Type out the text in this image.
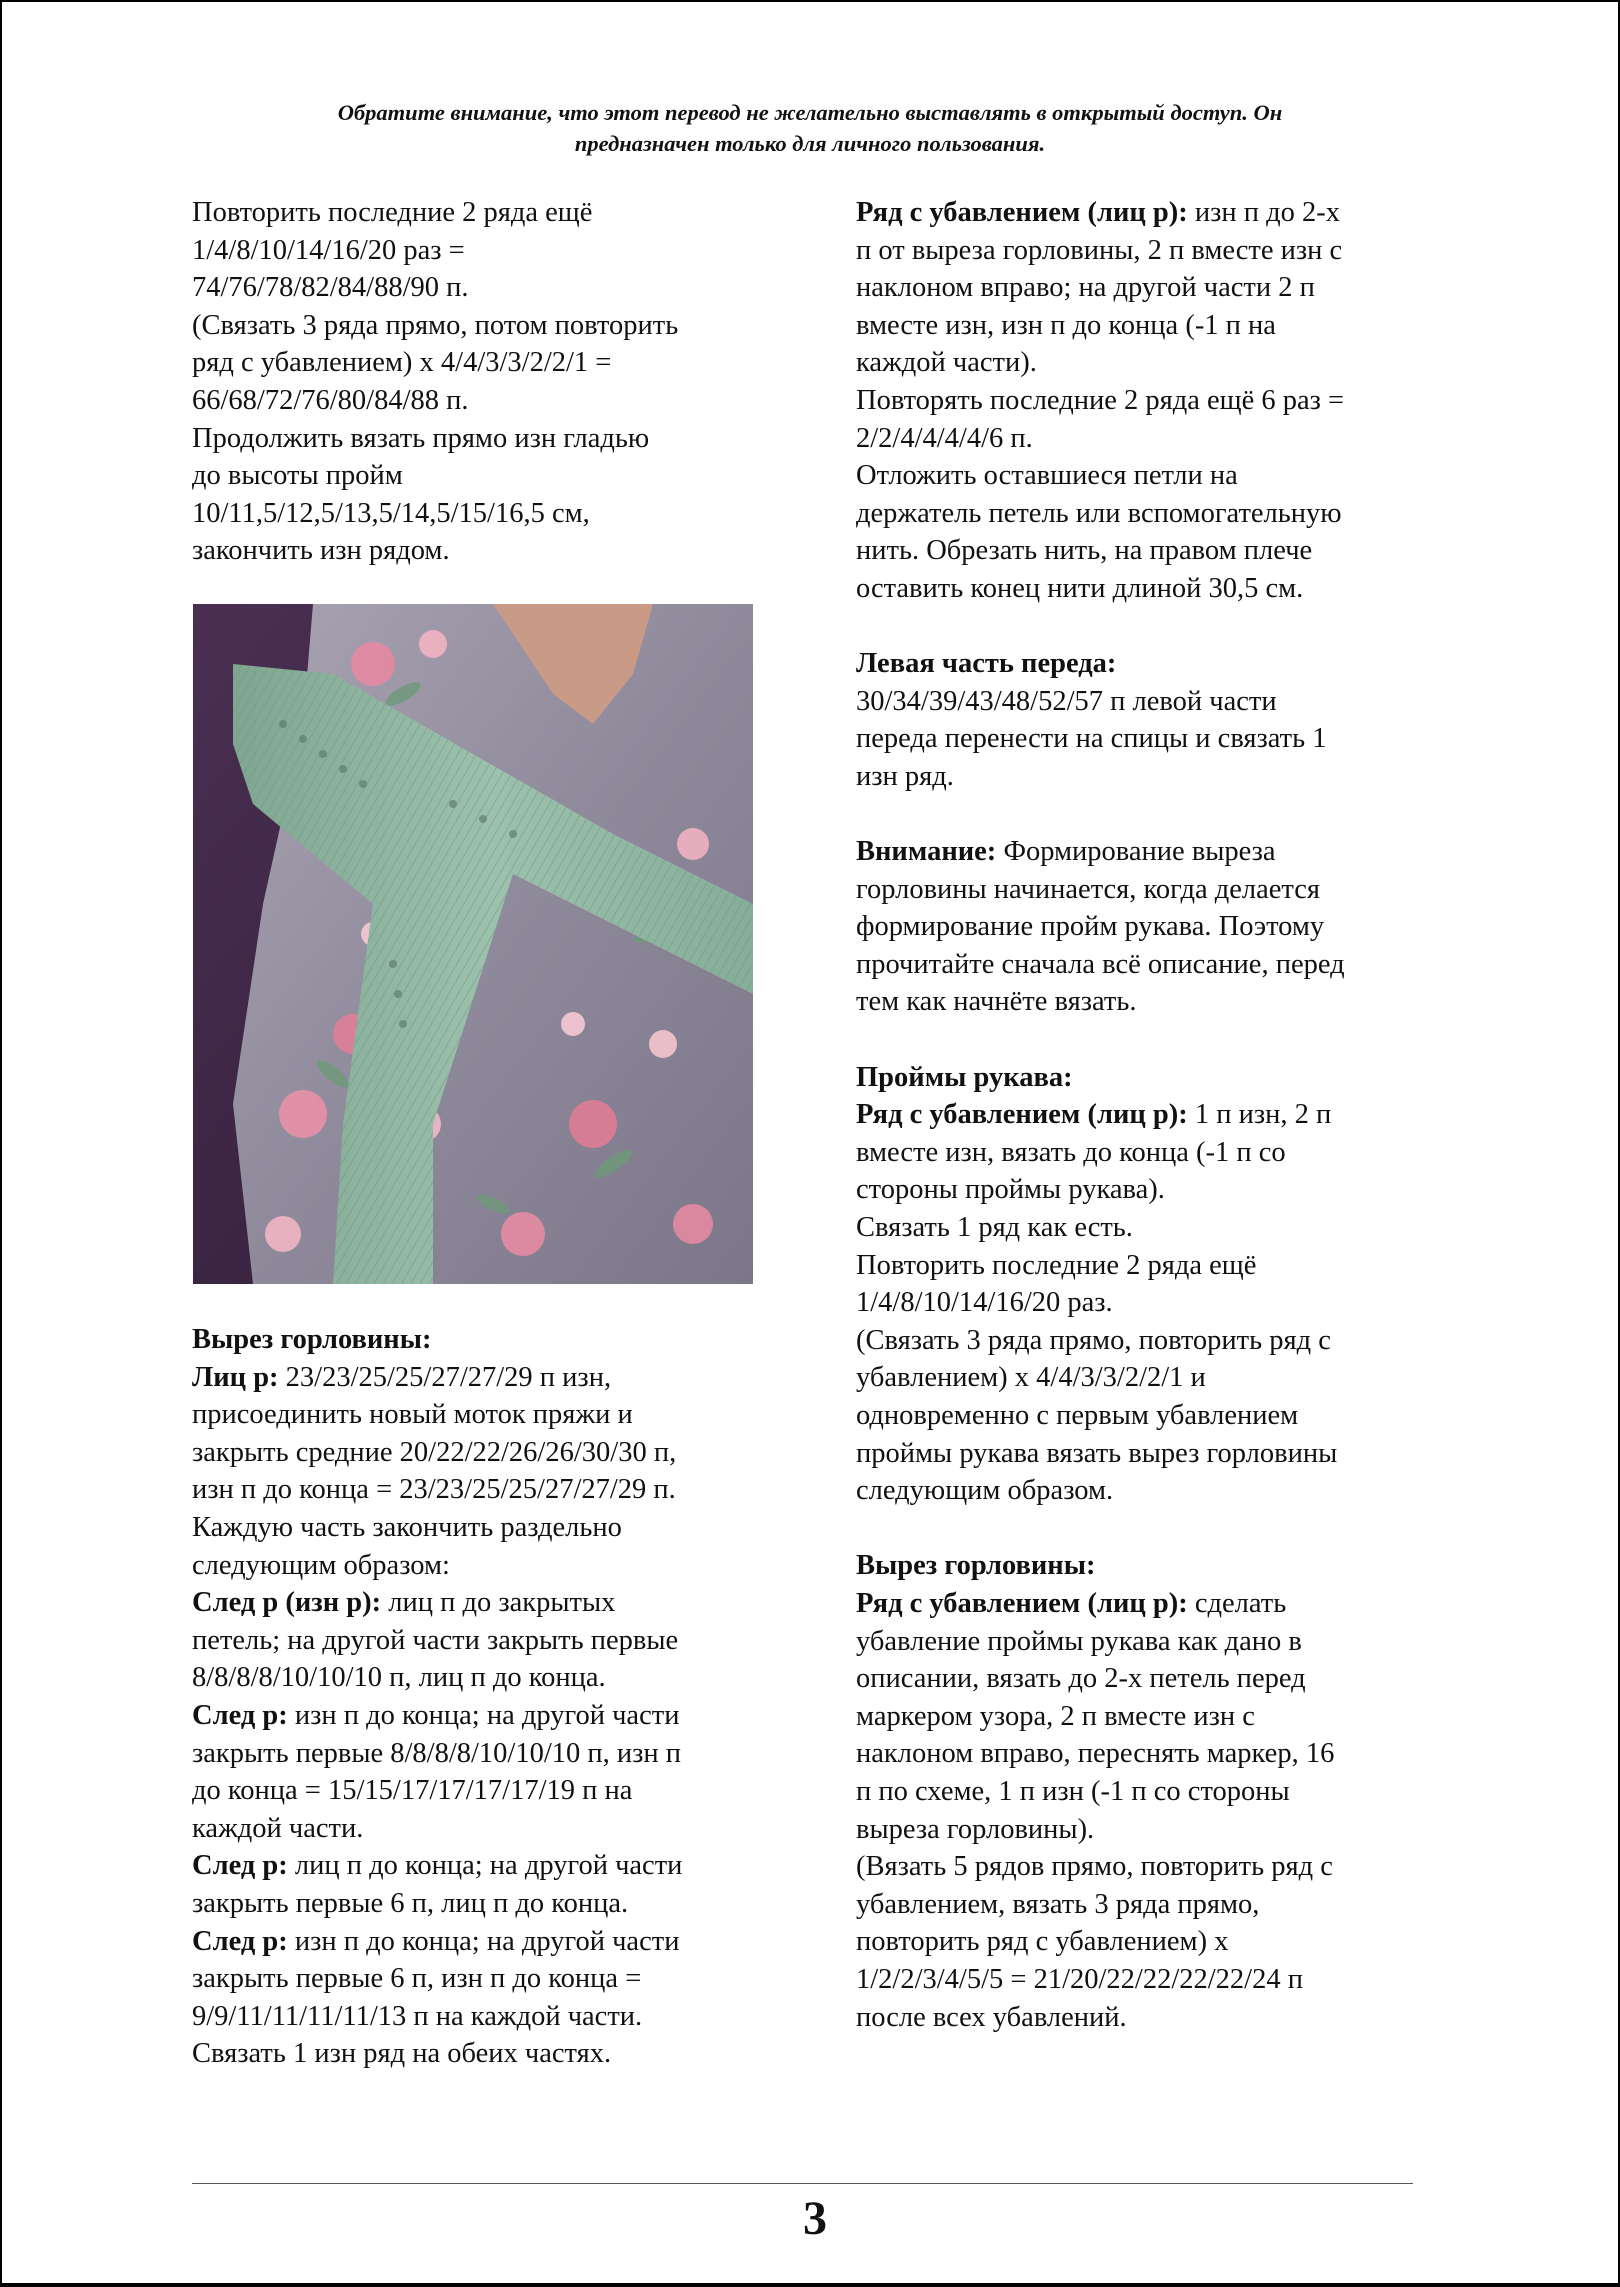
Обратите внимание, что этот перевод не желательно выставлять в открытый доступ. Он
предназначен только для личного пользования.
Повторить последние 2 ряда ещё
1/4/8/10/14/16/20 раз =
74/76/78/82/84/88/90 п.
(Связать 3 ряда прямо, потом повторить
ряд с убавлением) х 4/4/3/3/2/2/1 =
66/68/72/76/80/84/88 п.
Продолжить вязать прямо изн гладью
до высоты пройм
10/11,5/12,5/13,5/14,5/15/16,5 см,
закончить изн рядом.
Вырез горловины:
Лиц р: 23/23/25/25/27/27/29 п изн,
присоединить новый моток пряжи и
закрыть средние 20/22/22/26/26/30/30 п,
изн п до конца = 23/23/25/25/27/27/29 п.
Каждую часть закончить раздельно
следующим образом:
След р (изн р): лиц п до закрытых
петель; на другой части закрыть первые
8/8/8/8/10/10/10 п, лиц п до конца.
След р: изн п до конца; на другой части
закрыть первые 8/8/8/8/10/10/10 п, изн п
до конца = 15/15/17/17/17/17/19 п на
каждой части.
След р: лиц п до конца; на другой части
закрыть первые 6 п, лиц п до конца.
След р: изн п до конца; на другой части
закрыть первые 6 п, изн п до конца =
9/9/11/11/11/11/13 п на каждой части.
Связать 1 изн ряд на обеих частях.
Ряд с убавлением (лиц р): изн п до 2-х
п от выреза горловины, 2 п вместе изн с
наклоном вправо; на другой части 2 п
вместе изн, изн п до конца (-1 п на
каждой части).
Повторять последние 2 ряда ещё 6 раз =
2/2/4/4/4/4/6 п.
Отложить оставшиеся петли на
держатель петель или вспомогательную
нить. Обрезать нить, на правом плече
оставить конец нити длиной 30,5 см.
Левая часть переда:
30/34/39/43/48/52/57 п левой части
переда перенести на спицы и связать 1
изн ряд.
Внимание: Формирование выреза
горловины начинается, когда делается
формирование пройм рукава. Поэтому
прочитайте сначала всё описание, перед
тем как начнёте вязать.
Проймы рукава:
Ряд с убавлением (лиц р): 1 п изн, 2 п
вместе изн, вязать до конца (-1 п со
стороны проймы рукава).
Связать 1 ряд как есть.
Повторить последние 2 ряда ещё
1/4/8/10/14/16/20 раз.
(Связать 3 ряда прямо, повторить ряд с
убавлением) х 4/4/3/3/2/2/1 и
одновременно с первым убавлением
проймы рукава вязать вырез горловины
следующим образом.
Вырез горловины:
Ряд с убавлением (лиц р): сделать
убавление проймы рукава как дано в
описании, вязать до 2-х петель перед
маркером узора, 2 п вместе изн с
наклоном вправо, переснять маркер, 16
п по схеме, 1 п изн (-1 п со стороны
выреза горловины).
(Вязать 5 рядов прямо, повторить ряд с
убавлением, вязать 3 ряда прямо,
повторить ряд с убавлением) х
1/2/2/3/4/5/5 = 21/20/22/22/22/22/24 п
после всех убавлений.
3
